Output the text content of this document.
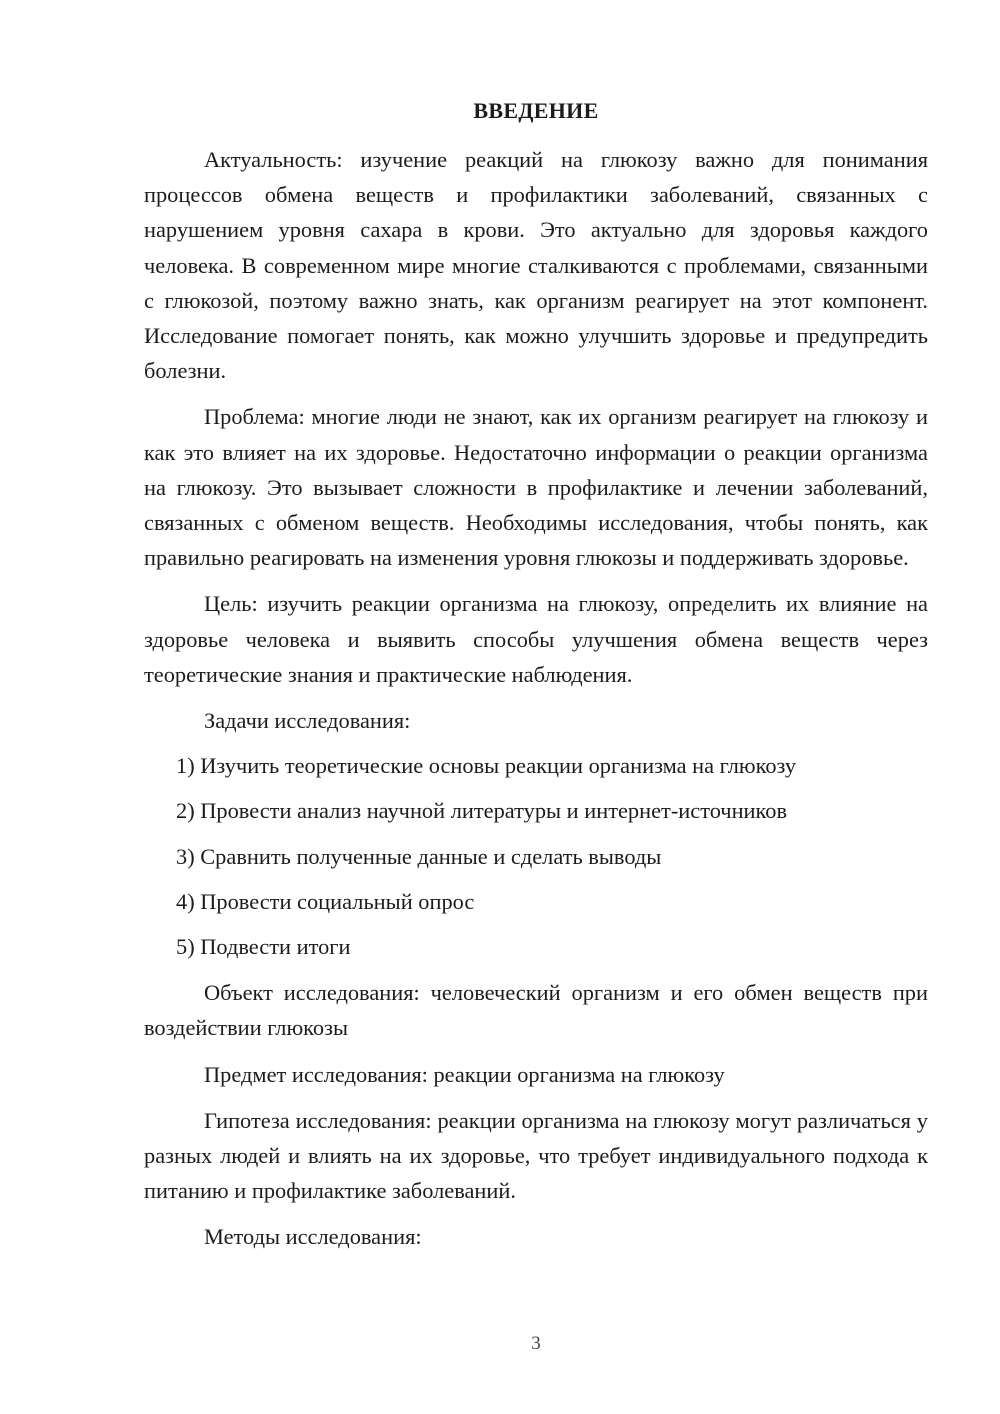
ВВЕДЕНИЕ

Актуальность: изучение реакций на глюкозу важно для понимания процессов обмена веществ и профилактики заболеваний, связанных с нарушением уровня сахара в крови. Это актуально для здоровья каждого человека. В современном мире многие сталкиваются с проблемами, связанными с глюкозой, поэтому важно знать, как организм реагирует на этот компонент. Исследование помогает понять, как можно улучшить здоровье и предупредить болезни.

Проблема: многие люди не знают, как их организм реагирует на глюкозу и как это влияет на их здоровье. Недостаточно информации о реакции организма на глюкозу. Это вызывает сложности в профилактике и лечении заболеваний, связанных с обменом веществ. Необходимы исследования, чтобы понять, как правильно реагировать на изменения уровня глюкозы и поддерживать здоровье.

Цель: изучить реакции организма на глюкозу, определить их влияние на здоровье человека и выявить способы улучшения обмена веществ через теоретические знания и практические наблюдения.

Задачи исследования:

1) Изучить теоретические основы реакции организма на глюкозу

2) Провести анализ научной литературы и интернет-источников

3) Сравнить полученные данные и сделать выводы

4) Провести социальный опрос

5) Подвести итоги

Объект исследования: человеческий организм и его обмен веществ при воздействии глюкозы

Предмет исследования: реакции организма на глюкозу

Гипотеза исследования: реакции организма на глюкозу могут различаться у разных людей и влиять на их здоровье, что требует индивидуального подхода к питанию и профилактике заболеваний.

Методы исследования:

3
